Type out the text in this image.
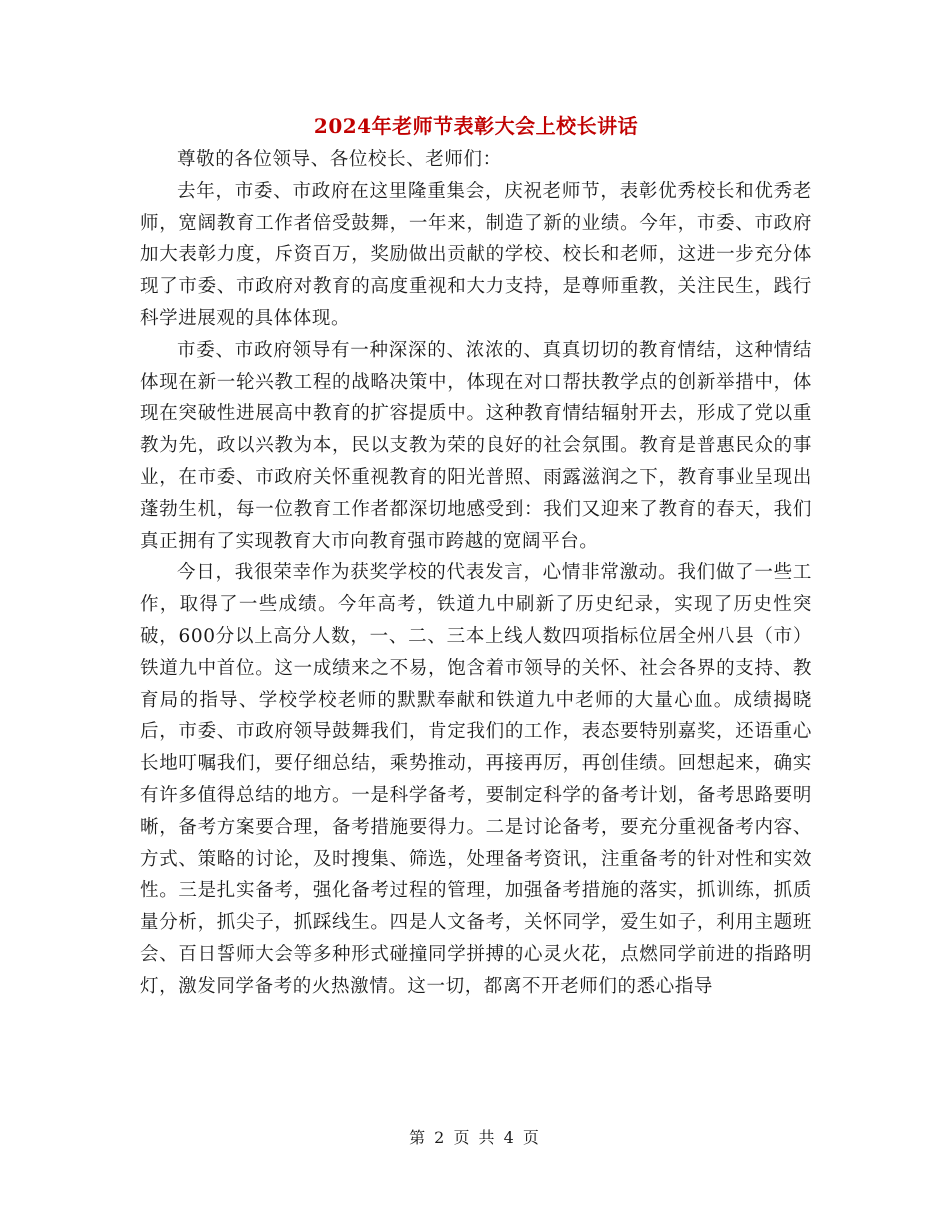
2024年老师节表彰大会上校长讲话

尊敬的各位领导、各位校长、老师们：

去年，市委、市政府在这里隆重集会，庆祝老师节，表彰优秀校长和优秀老师，宽阔教育工作者倍受鼓舞，一年来，制造了新的业绩。今年，市委、市政府加大表彰力度，斥资百万，奖励做出贡献的学校、校长和老师，这进一步充分体现了市委、市政府对教育的高度重视和大力支持，是尊师重教，关注民生，践行科学进展观的具体体现。

市委、市政府领导有一种深深的、浓浓的、真真切切的教育情结，这种情结体现在新一轮兴教工程的战略决策中，体现在对口帮扶教学点的创新举措中，体现在突破性进展高中教育的扩容提质中。这种教育情结辐射开去，形成了党以重教为先，政以兴教为本，民以支教为荣的良好的社会氛围。教育是普惠民众的事业，在市委、市政府关怀重视教育的阳光普照、雨露滋润之下，教育事业呈现出蓬勃生机，每一位教育工作者都深切地感受到：我们又迎来了教育的春天，我们真正拥有了实现教育大市向教育强市跨越的宽阔平台。

今日，我很荣幸作为获奖学校的代表发言，心情非常激动。我们做了一些工作，取得了一些成绩。今年高考，铁道九中刷新了历史纪录，实现了历史性突破，600分以上高分人数，一、二、三本上线人数四项指标位居全州八县（市）铁道九中首位。这一成绩来之不易，饱含着市领导的关怀、社会各界的支持、教育局的指导、学校学校老师的默默奉献和铁道九中老师的大量心血。成绩揭晓后，市委、市政府领导鼓舞我们，肯定我们的工作，表态要特别嘉奖，还语重心长地叮嘱我们，要仔细总结，乘势推动，再接再厉，再创佳绩。回想起来，确实有许多值得总结的地方。一是科学备考，要制定科学的备考计划，备考思路要明晰，备考方案要合理，备考措施要得力。二是讨论备考，要充分重视备考内容、方式、策略的讨论，及时搜集、筛选，处理备考资讯，注重备考的针对性和实效性。三是扎实备考，强化备考过程的管理，加强备考措施的落实，抓训练，抓质量分析，抓尖子，抓踩线生。四是人文备考，关怀同学，爱生如子，利用主题班会、百日誓师大会等多种形式碰撞同学拼搏的心灵火花，点燃同学前进的指路明灯，激发同学备考的火热激情。这一切，都离不开老师们的悉心指导

第 2 页 共 4 页
